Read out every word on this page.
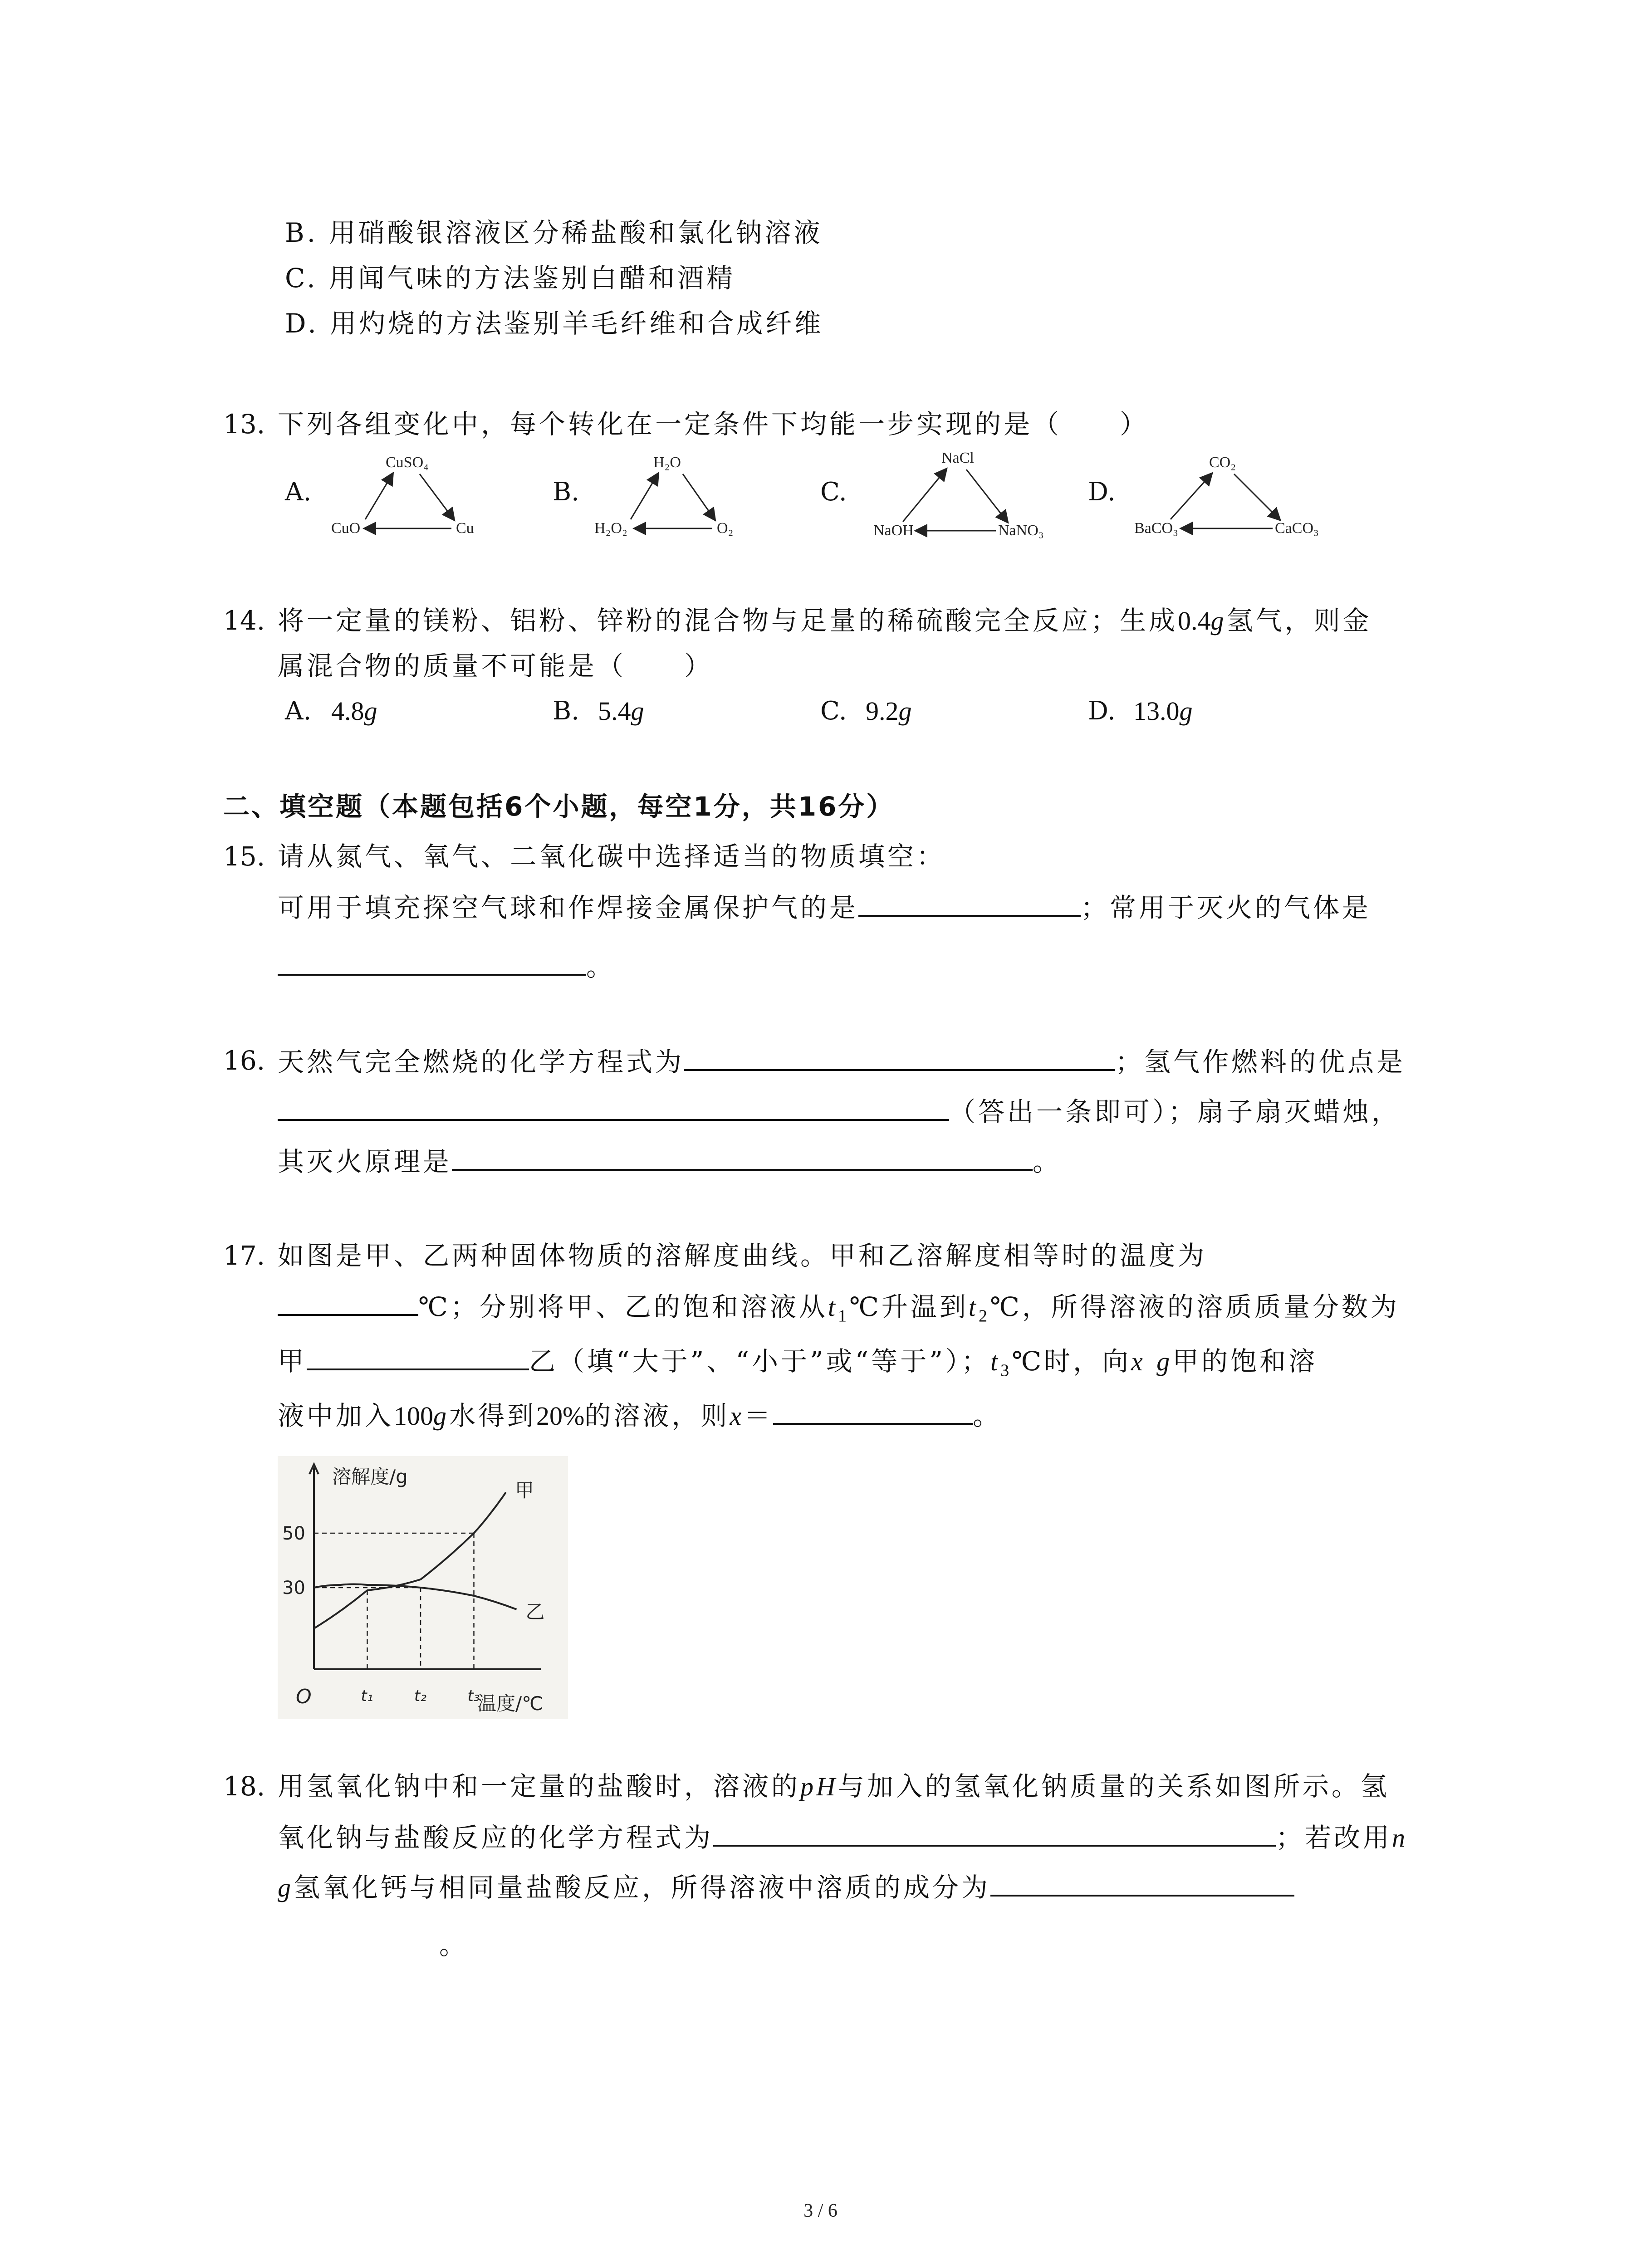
B. 用硝酸银溶液区分稀盐酸和氯化钠溶液
C. 用闻气味的方法鉴别白醋和酒精
D. 用灼烧的方法鉴别羊毛纤维和合成纤维
13. 下列各组变化中，每个转化在一定条件下均能一步实现的是（　　）
A.
CuSO₄
CuO	Cu
B.
H₂O
H₂O₂	O₂
C.
NaCl
NaOH	NaNO₃
D.
CO₂
BaCO₃	CaCO₃
14. 将一定量的镁粉、铝粉、锌粉的混合物与足量的稀硫酸完全反应；生成0.4g氢气，则金
属混合物的质量不可能是（　　）
A. 4.8g	B. 5.4g	C. 9.2g	D. 13.0g
二、填空题（本题包括6个小题，每空1分，共16分）
15. 请从氮气、氧气、二氧化碳中选择适当的物质填空：
可用于填充探空气球和作焊接金属保护气的是	；常用于灭火的气体是
。
16. 天然气完全燃烧的化学方程式为	；氢气作燃料的优点是
（答出一条即可）；扇子扇灭蜡烛，
其灭火原理是	。
17. 如图是甲、乙两种固体物质的溶解度曲线。甲和乙溶解度相等时的温度为
℃；分别将甲、乙的饱和溶液从$t_1℃$升温到$t_2℃$，所得溶液的溶质质量分数为
甲	乙（填“大于”、“小于”或“等于”）；$t_3℃$时，向x g甲的饱和溶
液中加入100g水得到20%的溶液，则x＝	。
溶解度/g
温度/℃
O
50
30
t₁	t₂	t₃
甲
乙
18. 用氢氧化钠中和一定量的盐酸时，溶液的pH与加入的氢氧化钠质量的关系如图所示。氢
氧化钠与盐酸反应的化学方程式为	；若改用n
g氢氧化钙与相同量盐酸反应，所得溶液中溶质的成分为
。
3 / 6
